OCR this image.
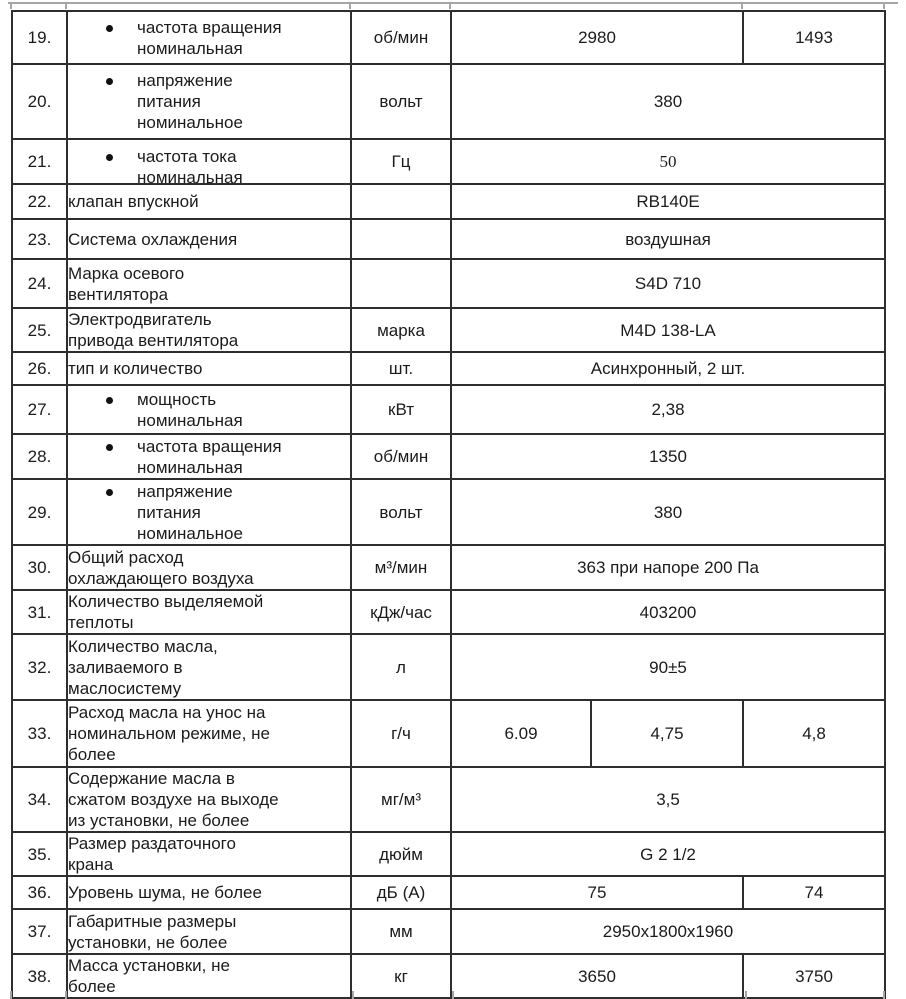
19.	частота вращения
номинальная	об/мин	2980		1493
20.	напряжение
питания
номинальное	вольт	380		
21.	частота тока
номинальная	Гц	50		
22.	клапан впускной		RB140E		
23.	Система охлаждения		воздушная		
24.	Марка осевого
вентилятора		S4D 710		
25.	Электродвигатель
привода вентилятора	марка	M4D 138-LA		
26.	тип и количество	шт.	Асинхронный, 2 шт.		
27.	мощность
номинальная	кВт	2,38		
28.	частота вращения
номинальная	об/мин	1350		
29.	напряжение
питания
номинальное	вольт	380		
30.	Общий расход
охлаждающего воздуха	м³/мин	363 при напоре 200 Па		
31.	Количество выделяемой
теплоты	кДж/час	403200		
32.	Количество масла,
заливаемого в
маслосистему	л	90±5		
33.	Расход масла на унос на
номинальном режиме, не
более	г/ч	6.09	4,75	4,8
34.	Содержание масла в
сжатом воздухе на выходе
из установки, не более	мг/м³	3,5		
35.	Размер раздаточного
крана	дюйм	G 2 1/2		
36.	Уровень шума, не более	дБ (А)	75		74
37.	Габаритные размеры
установки, не более	мм	2950x1800x1960		
38.	Масса установки, не
более	кг	3650		3750
